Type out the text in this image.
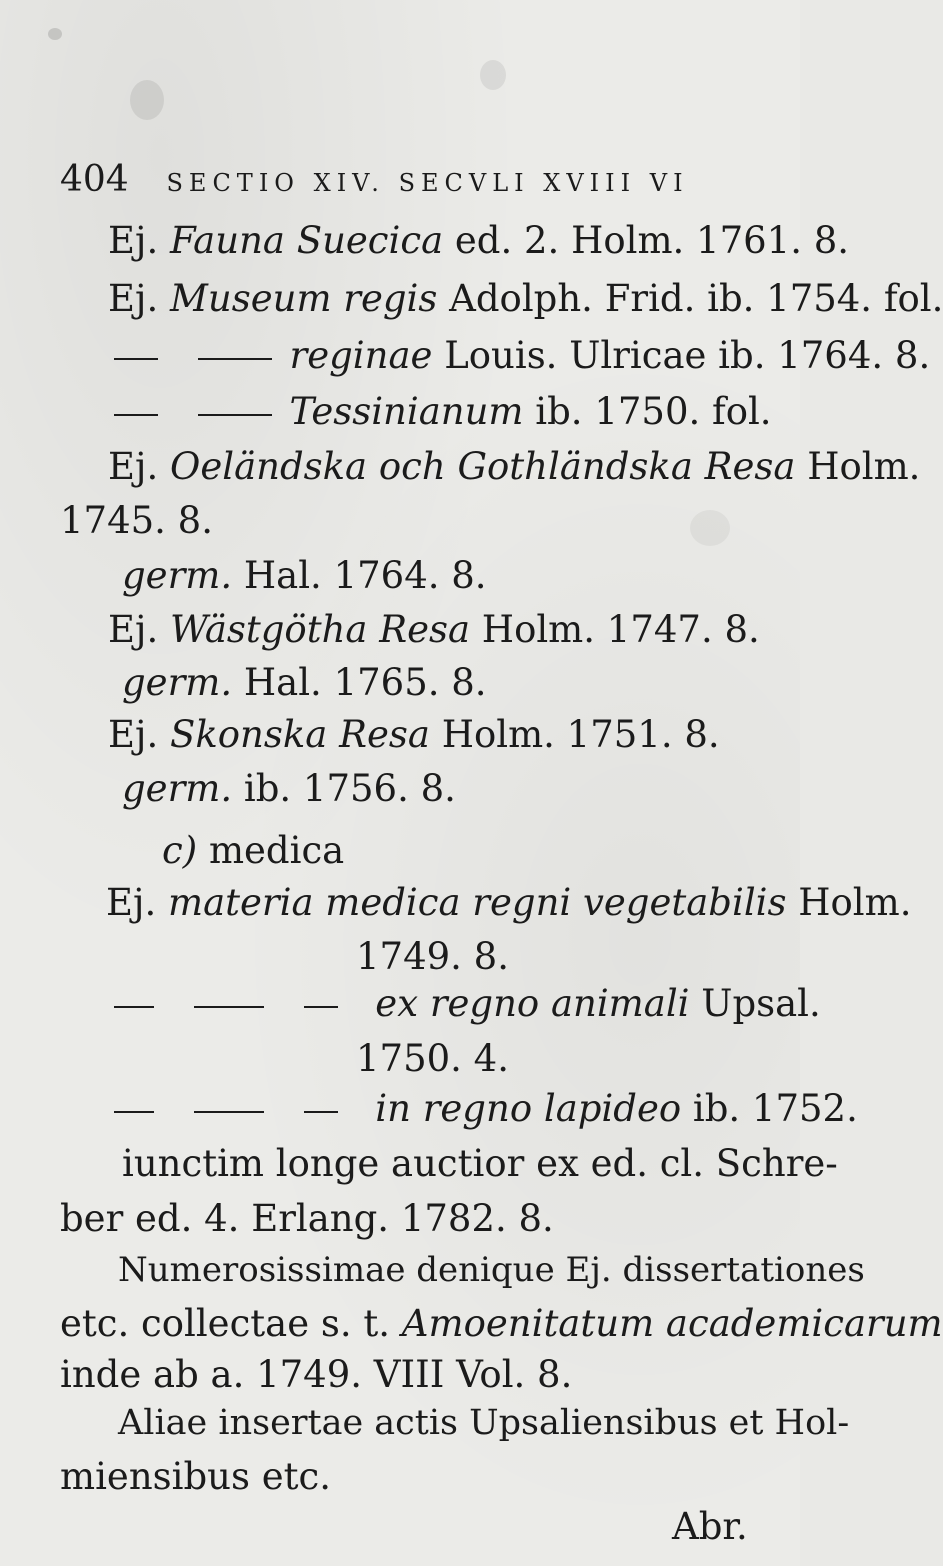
404 SECTIO XIV. SECVLI XVIII VI
Ej. Fauna Suecica ed. 2. Holm. 1761. 8.
Ej. Museum regis Adolph. Frid. ib. 1754. fol.
reginae Louis. Ulricae ib. 1764. 8.
Tessinianum ib. 1750. fol.
Ej. Oeländska och Gothländska Resa Holm.
1745. 8.
germ. Hal. 1764. 8.
Ej. Wästgötha Resa Holm. 1747. 8.
germ. Hal. 1765. 8.
Ej. Skonska Resa Holm. 1751. 8.
germ. ib. 1756. 8.
c) medica
Ej. materia medica regni vegetabilis Holm.
1749. 8.
ex regno animali Upsal.
1750. 4.
in regno lapideo ib. 1752.
iunctim longe auctior ex ed. cl. Schre-
ber ed. 4. Erlang. 1782. 8.
Numerosissimae denique Ej. dissertationes
etc. collectae s. t. Amoenitatum academicarum
inde ab a. 1749. VIII Vol. 8.
Aliae insertae actis Upsaliensibus et Hol-
miensibus etc.
Abr.
